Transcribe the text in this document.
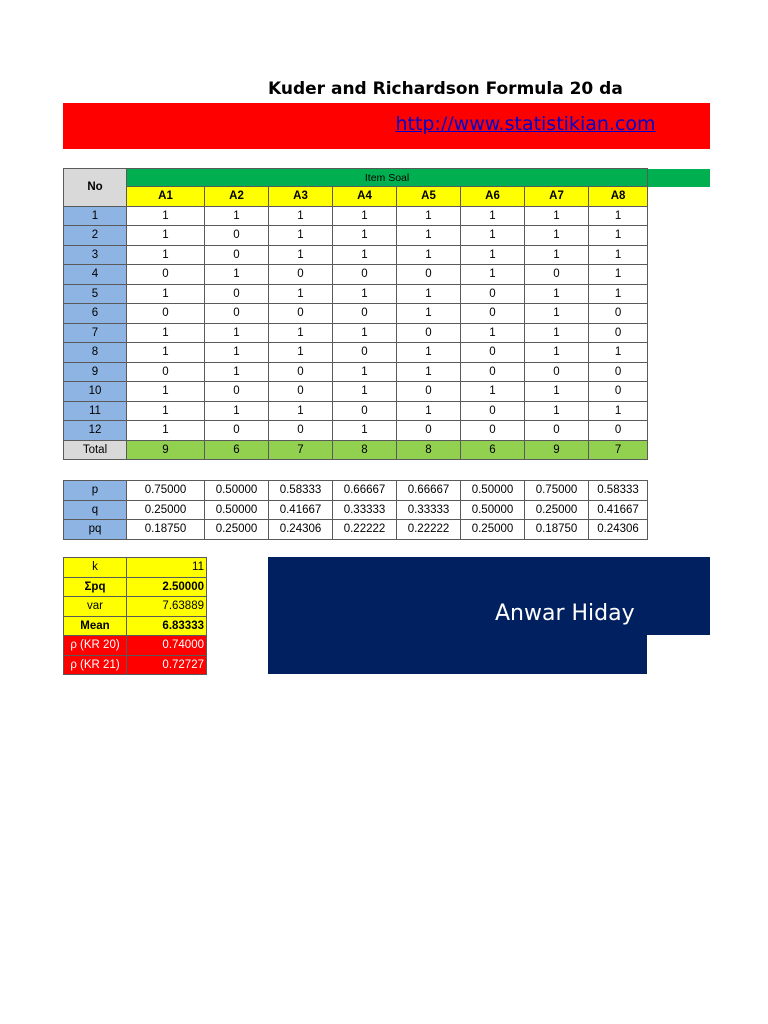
Kuder and Richardson Formula 20 da
http://www.statistikian.com
No	Item Soal							
	A1	A2	A3	A4	A5	A6	A7	A8
1	1	1	1	1	1	1	1	1
2	1	0	1	1	1	1	1	1
3	1	0	1	1	1	1	1	1
4	0	1	0	0	0	1	0	1
5	1	0	1	1	1	0	1	1
6	0	0	0	0	1	0	1	0
7	1	1	1	1	0	1	1	0
8	1	1	1	0	1	0	1	1
9	0	1	0	1	1	0	0	0
10	1	0	0	1	0	1	1	0
11	1	1	1	0	1	0	1	1
12	1	0	0	1	0	0	0	0
Total	9	6	7	8	8	6	9	7
p	0.75000	0.50000	0.58333	0.66667	0.66667	0.50000	0.75000	0.58333
q	0.25000	0.50000	0.41667	0.33333	0.33333	0.50000	0.25000	0.41667
pq	0.18750	0.25000	0.24306	0.22222	0.22222	0.25000	0.18750	0.24306
k	11
Σpq	2.50000
var	7.63889
Mean	6.83333
ρ (KR 20)	0.74000
ρ (KR 21)	0.72727
Anwar Hiday
